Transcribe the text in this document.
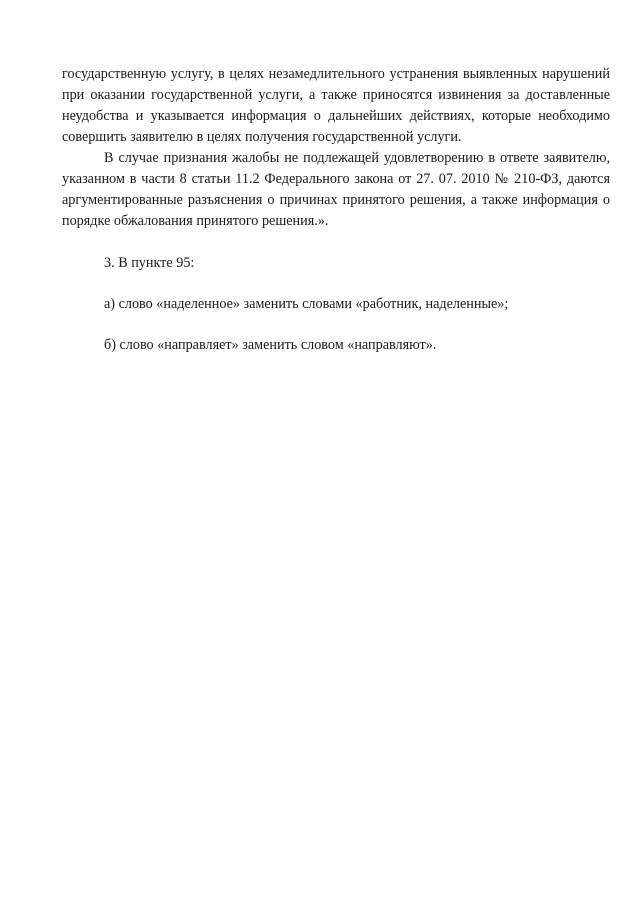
государственную услугу, в целях незамедлительного устранения выявленных нарушений при оказании государственной услуги, а также приносятся извинения за доставленные неудобства и указывается информация о дальнейших действиях, которые необходимо совершить заявителю в целях получения государственной услуги.

В случае признания жалобы не подлежащей удовлетворению в ответе заявителю, указанном в части 8 статьи 11.2 Федерального закона от 27. 07. 2010 № 210-ФЗ, даются аргументированные разъяснения о причинах принятого решения, а также информация о порядке обжалования принятого решения.».

3. В пункте 95:

а) слово «наделенное» заменить словами «работник, наделенные»;

б) слово «направляет» заменить словом «направляют».
